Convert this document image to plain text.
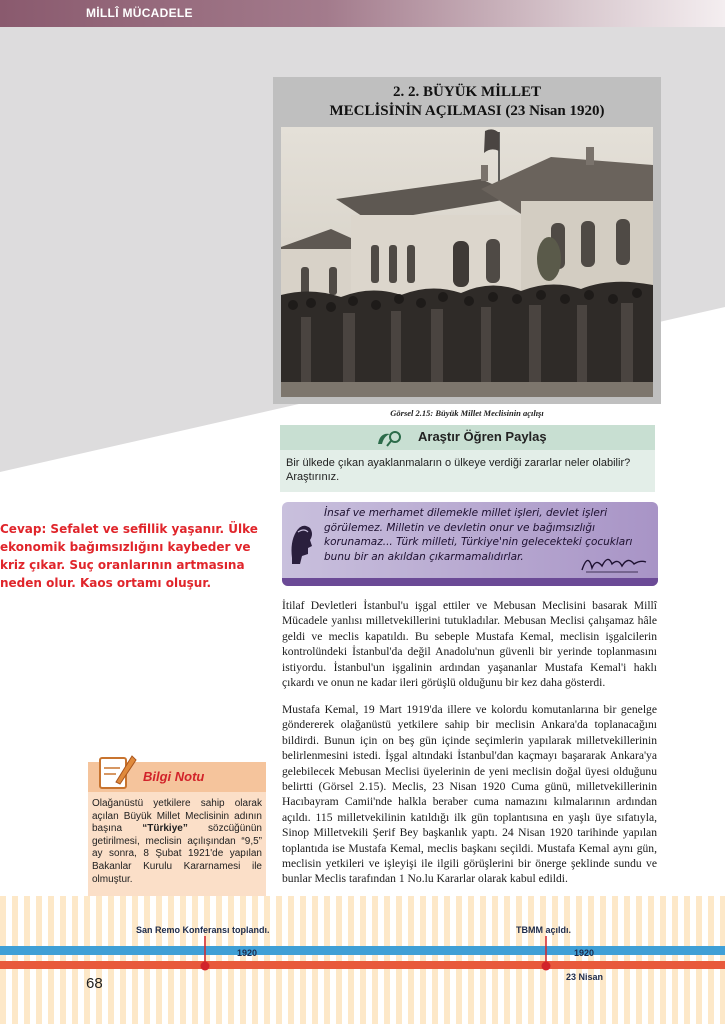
MİLLÎ MÜCADELE
2. 2. BÜYÜK MİLLET
MECLİSİNİN AÇILMASI (23 Nisan 1920)
Görsel 2.15: Büyük Millet Meclisinin açılışı
Araştır Öğren Paylaş
Bir ülkede çıkan ayaklanmaların o ülkeye verdiği zararlar neler olabilir? Araştırınız.
Cevap: Sefalet ve sefillik yaşanır. Ülke ekonomik bağımsızlığını kaybeder ve kriz çıkar. Suç oranlarının artmasına neden olur. Kaos ortamı oluşur.
İnsaf ve merhamet dilemekle millet işleri, devlet işleri görülemez. Milletin ve devletin onur ve bağımsızlığı korunamaz... Türk milleti, Türkiye'nin gelecekteki çocukları bunu bir an akıldan çıkarmamalıdırlar.
İtilaf Devletleri İstanbul'u işgal ettiler ve Mebusan Meclisini basarak Millî Mücadele yanlısı milletvekillerini tutukladılar. Mebusan Meclisi çalışamaz hâle geldi ve meclis kapatıldı. Bu sebeple Mustafa Kemal, meclisin işgalcilerin kontrolündeki İstanbul'da değil Anadolu'nun güvenli bir yerinde toplanmasını istiyordu. İstanbul'un işgalinin ardından yaşananlar Mustafa Kemal'i haklı çıkardı ve onun ne kadar ileri görüşlü olduğunu bir kez daha gösterdi.
Mustafa Kemal, 19 Mart 1919'da illere ve kolordu komutanlarına bir genelge göndererek olağanüstü yetkilere sahip bir meclisin Ankara'da toplanacağını bildirdi. Bunun için on beş gün içinde seçimlerin yapılarak milletvekillerinin belirlenmesini istedi. İşgal altındaki İstanbul'dan kaçmayı başararak Ankara'ya gelebilecek Mebusan Meclisi üyelerinin de yeni meclisin doğal üyesi olduğunu belirtti (Görsel 2.15). Meclis, 23 Nisan 1920 Cuma günü, milletvekillerinin Hacıbayram Camii'nde halkla beraber cuma namazını kılmalarının ardından açıldı. 115 milletvekilinin katıldığı ilk gün toplantısına en yaşlı üye sıfatıyla, Sinop Milletvekili Şerif Bey başkanlık yaptı. 24 Nisan 1920 tarihinde yapılan toplantıda ise Mustafa Kemal, meclis başkanı seçildi. Mustafa Kemal aynı gün, meclisin yetkileri ve işleyişi ile ilgili görüşlerini bir önerge şeklinde sundu ve bunlar Meclis tarafından 1 No.lu Kararlar olarak kabul edildi.
Bilgi Notu
Olağanüstü yetkilere sahip olarak açılan Büyük Millet Meclisinin adının başına “Türkiye” sözcüğünün getirilmesi, meclisin açılışından “9,5” ay sonra, 8 Şubat 1921'de yapılan Bakanlar Kurulu Kararnamesi ile olmuştur.
San Remo Konferansı toplandı.	TBMM açıldı.
1920	1920
23 Nisan
68
